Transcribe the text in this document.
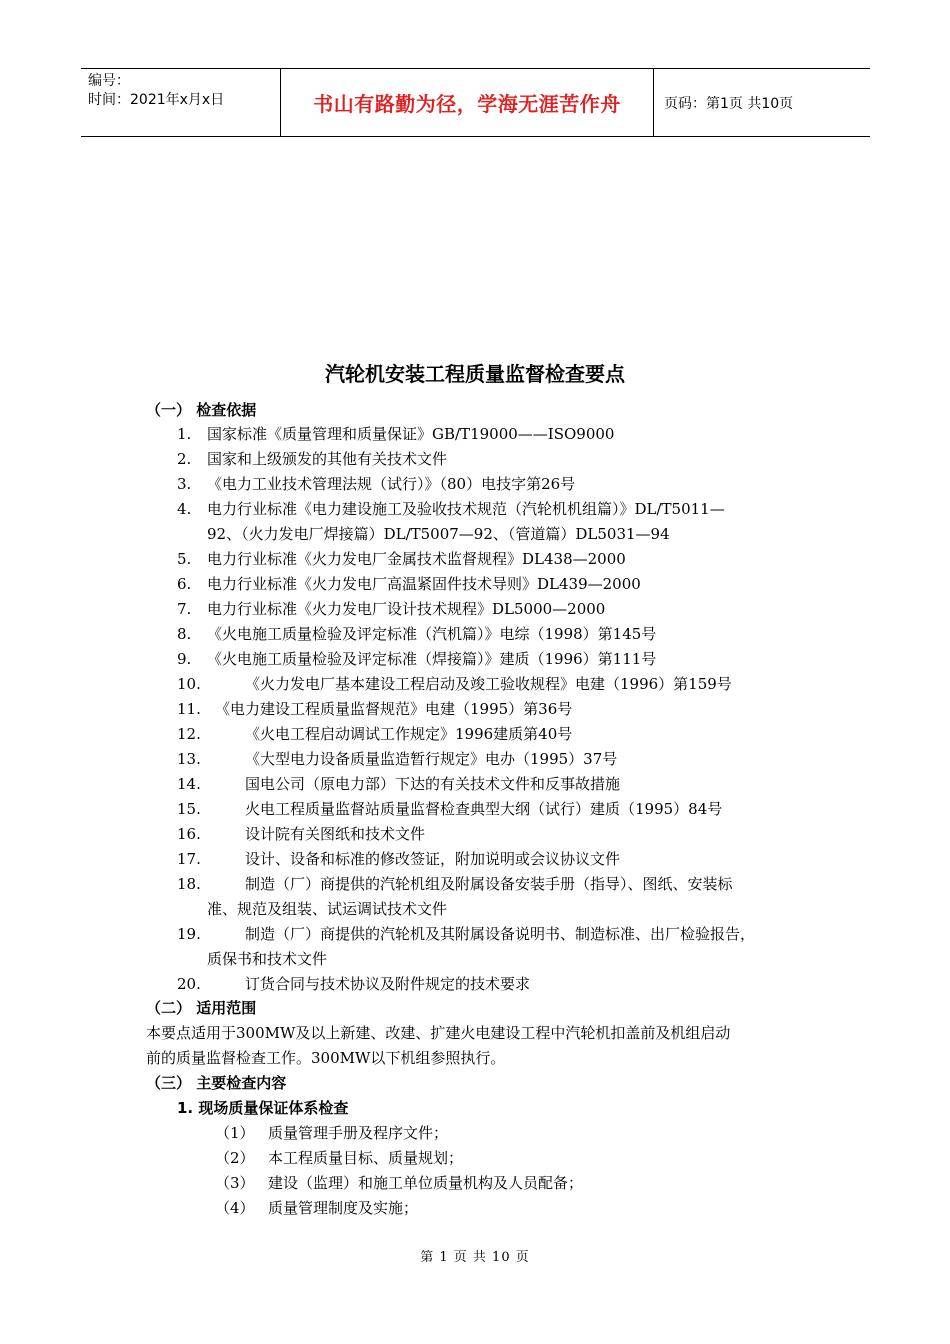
编号：
时间：2021年x月x日	书山有路勤为径，学海无涯苦作舟	页码：第1页 共10页
汽轮机安装工程质量监督检查要点
（一） 检查依据
1. 国家标准《质量管理和质量保证》GB/T19000——ISO9000
2. 国家和上级颁发的其他有关技术文件
3. 《电力工业技术管理法规（试行）》（80）电技字第26号
4. 电力行业标准《电力建设施工及验收技术规范（汽轮机机组篇）》DL/T5011—
92、（火力发电厂焊接篇）DL/T5007—92、（管道篇）DL5031—94
5. 电力行业标准《火力发电厂金属技术监督规程》DL438—2000
6. 电力行业标准《火力发电厂高温紧固件技术导则》DL439—2000
7. 电力行业标准《火力发电厂设计技术规程》DL5000—2000
8. 《火电施工质量检验及评定标准（汽机篇）》电综（1998）第145号
9. 《火电施工质量检验及评定标准（焊接篇）》建质（1996）第111号
10.	《火力发电厂基本建设工程启动及竣工验收规程》电建（1996）第159号
11. 《电力建设工程质量监督规范》电建（1995）第36号
12.	《火电工程启动调试工作规定》1996建质第40号
13.	《大型电力设备质量监造暂行规定》电办（1995）37号
14.	国电公司（原电力部）下达的有关技术文件和反事故措施
15.	火电工程质量监督站质量监督检查典型大纲（试行）建质（1995）84号
16.	设计院有关图纸和技术文件
17.	设计、设备和标准的修改签证，附加说明或会议协议文件
18.	制造（厂）商提供的汽轮机组及附属设备安装手册（指导）、图纸、安装标
准、规范及组装、试运调试技术文件
19.	制造（厂）商提供的汽轮机及其附属设备说明书、制造标准、出厂检验报告，
质保书和技术文件
20.	订货合同与技术协议及附件规定的技术要求
（二） 适用范围
本要点适用于300MW及以上新建、改建、扩建火电建设工程中汽轮机扣盖前及机组启动
前的质量监督检查工作。300MW以下机组参照执行。
（三） 主要检查内容
1. 现场质量保证体系检查
（1） 质量管理手册及程序文件；
（2） 本工程质量目标、质量规划；
（3） 建设（监理）和施工单位质量机构及人员配备；
（4） 质量管理制度及实施；
第 1 页 共 10 页
